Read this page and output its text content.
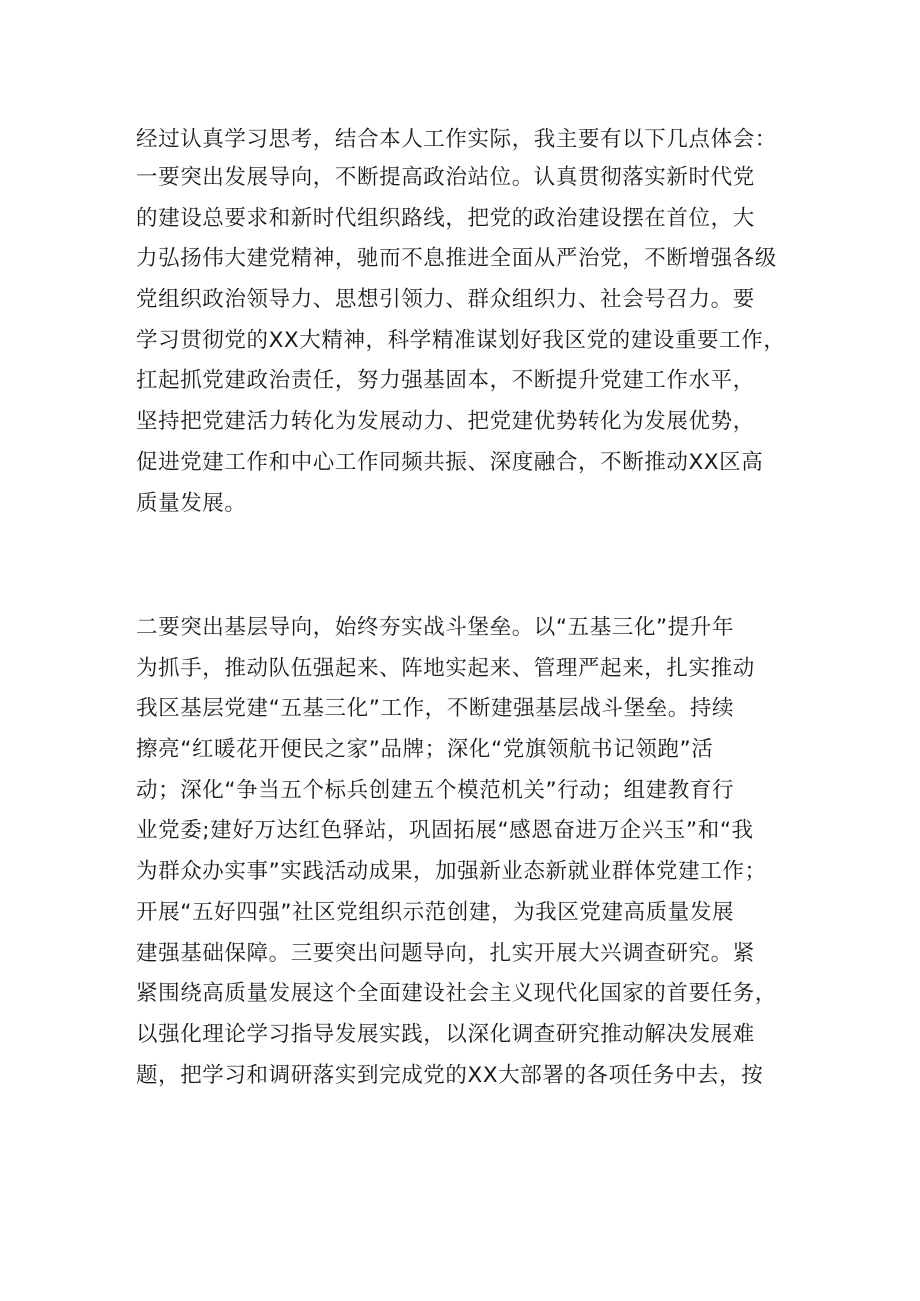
经过认真学习思考，结合本人工作实际，我主要有以下几点体会：
一要突出发展导向，不断提高政治站位。认真贯彻落实新时代党
的建设总要求和新时代组织路线，把党的政治建设摆在首位，大
力弘扬伟大建党精神，驰而不息推进全面从严治党，不断增强各级
党组织政治领导力、思想引领力、群众组织力、社会号召力。要
学习贯彻党的XX大精神，科学精准谋划好我区党的建设重要工作，
扛起抓党建政治责任，努力强基固本，不断提升党建工作水平，
坚持把党建活力转化为发展动力、把党建优势转化为发展优势，
促进党建工作和中心工作同频共振、深度融合，不断推动XX区高
质量发展。
二要突出基层导向，始终夯实战斗堡垒。以“五基三化”提升年
为抓手，推动队伍强起来、阵地实起来、管理严起来，扎实推动
我区基层党建“五基三化”工作，不断建强基层战斗堡垒。持续
擦亮“红暖花开便民之家”品牌；深化“党旗领航书记领跑”活
动；深化“争当五个标兵创建五个模范机关”行动；组建教育行
业党委;建好万达红色驿站，巩固拓展“感恩奋进万企兴玉”和“我
为群众办实事”实践活动成果，加强新业态新就业群体党建工作；
开展“五好四强”社区党组织示范创建，为我区党建高质量发展
建强基础保障。三要突出问题导向，扎实开展大兴调查研究。紧
紧围绕高质量发展这个全面建设社会主义现代化国家的首要任务，
以强化理论学习指导发展实践，以深化调查研究推动解决发展难
题，把学习和调研落实到完成党的XX大部署的各项任务中去，按
